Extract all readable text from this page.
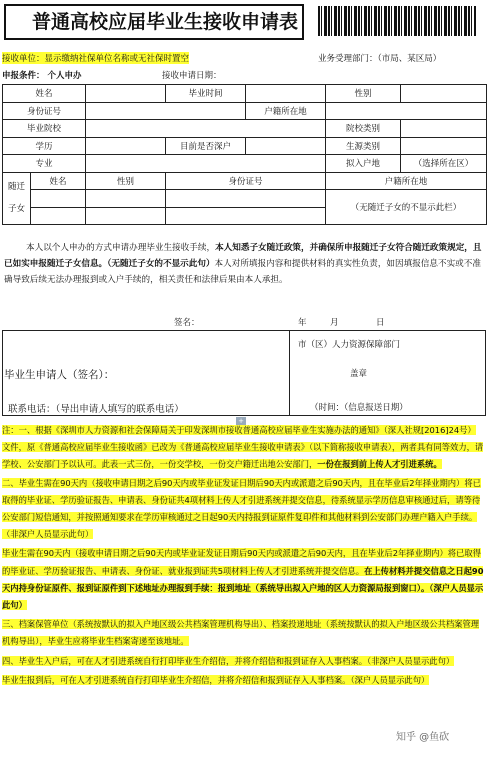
普通高校应届毕业生接收申请表
接收单位：显示缴纳社保单位名称或无社保时置空	业务受理部门：（市局、某区局）
申报条件： 个人申办	接收申请日期：
姓名			毕业时间		性别	
身份证号				户籍所在地		
毕业院校					院校类别	
学历			目前是否深户		生源类别	
专业					拟入户地	（选择所在区）
随迁子女	姓名	性别	身份证号		户籍所在地	
					（无随迁子女的不显示此栏）	

本人以个人申办的方式申请办理毕业生接收手续，本人知悉子女随迁政策，并确保所申报随迁子女符合随迁政策规定，且已如实申报随迁子女信息。（无随迁子女的不显示此句）本人对所填报内容和提供材料的真实性负责，如因填报信息不实或不准确导致后续无法办理报到或入户手续的，相关责任和法律后果由本人承担。
签名：	年	月	日
毕业生申请人（签名）：
联系电话：（导出申请人填写的联系电话）
市（区）人力资源保障部门
盖章
（时间：（信息报送日期）
+

注：一、根据《深圳市人力资源和社会保障局关于印发深圳市接收普通高校应届毕业生实施办法的通知》（深人社规[2016]24号）文件，原《普通高校应届毕业生接收函》已改为《普通高校应届毕业生接收申请表》（以下简称接收申请表），两者具有同等效力，请学校、公安部门予以认可。此表一式三份，一份交学校，一份交户籍迁出地公安部门，一份在报到前上传人才引进系统。

二、毕业生需在90天内（接收申请日期之后90天内或毕业证发证日期后90天内或派遣之后90天内，且在毕业后2年择业期内）将已取得的毕业证、学历验证报告、申请表、身份证共4项材料上传人才引进系统并提交信息，待系统显示学历信息审核通过后，请等待公安部门短信通知，并按照通知要求在学历审核通过之日起90天内持报到证原件复印件和其他材料到公安部门办理户籍入户手续。（非深户人员显示此句）

毕业生需在90天内（接收申请日期之后90天内或毕业证发证日期后90天内或派遣之后90天内，且在毕业后2年择业期内）将已取得的毕业证、学历验证报告、申请表、身份证、就业报到证共5项材料上传人才引进系统并提交信息。在上传材料并提交信息之日起90天内持身份证原件、报到证原件到下述地址办理报到手续：报到地址（系统导出拟入户地的区人力资源局报到窗口）。（深户人员显示此句）

三、档案保管单位（系统按默认的拟入户地区级公共档案管理机构导出）、档案投递地址（系统按默认的拟入户地区级公共档案管理机构导出），毕业生应将毕业生档案寄递至该地址。

四、毕业生入户后，可在人才引进系统自行打印毕业生介绍信，并将介绍信和报到证存入人事档案。（非深户人员显示此句）

毕业生报到后，可在人才引进系统自行打印毕业生介绍信，并将介绍信和报到证存入人事档案。（深户人员显示此句）

知乎 @鱼砍
